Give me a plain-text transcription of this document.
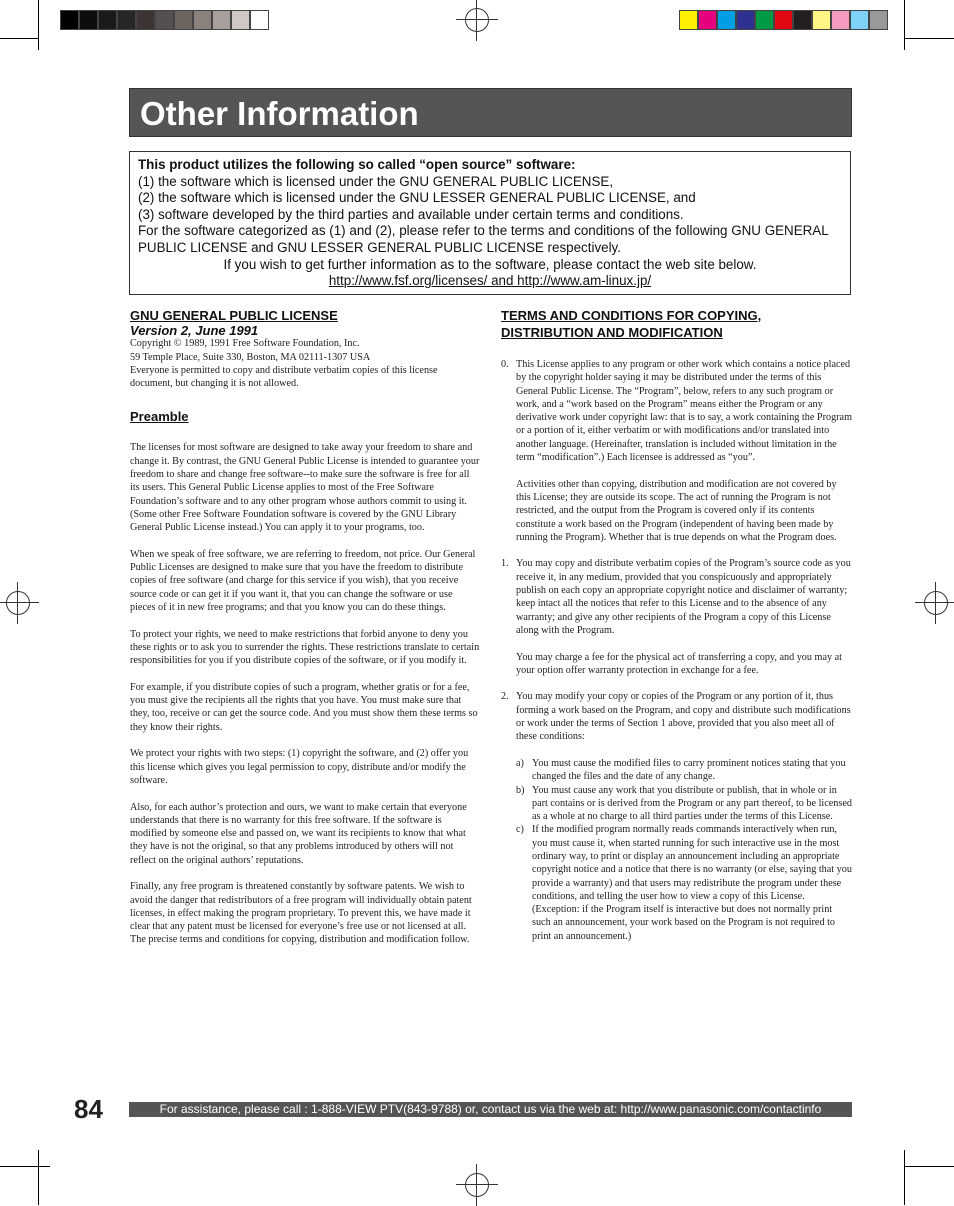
Other Information

This product utilizes the following so called “open source” software:

(1) the software which is licensed under the GNU GENERAL PUBLIC LICENSE,

(2) the software which is licensed under the GNU LESSER GENERAL PUBLIC LICENSE, and

(3) software developed by the third parties and available under certain terms and conditions.

For the software categorized as (1) and (2), please refer to the terms and conditions of the following GNU GENERAL PUBLIC LICENSE and GNU LESSER GENERAL PUBLIC LICENSE respectively.

If you wish to get further information as to the software, please contact the web site below.

http://www.fsf.org/licenses/ and http://www.am-linux.jp/

GNU GENERAL PUBLIC LICENSE
Version 2, June 1991

Copyright © 1989, 1991 Free Software Foundation, Inc.

59 Temple Place, Suite 330, Boston, MA 02111-1307 USA

Everyone is permitted to copy and distribute verbatim copies of this license document, but changing it is not allowed.

Preamble

The licenses for most software are designed to take away your freedom to share and change it. By contrast, the GNU General Public License is intended to guarantee your freedom to share and change free software--to make sure the software is free for all its users. This General Public License applies to most of the Free Software Foundation’s software and to any other program whose authors commit to using it. (Some other Free Software Foundation software is covered by the GNU Library General Public License instead.) You can apply it to your programs, too.

When we speak of free software, we are referring to freedom, not price. Our General Public Licenses are designed to make sure that you have the freedom to distribute copies of free software (and charge for this service if you wish), that you receive source code or can get it if you want it, that you can change the software or use pieces of it in new free programs; and that you know you can do these things.

To protect your rights, we need to make restrictions that forbid anyone to deny you these rights or to ask you to surrender the rights. These restrictions translate to certain responsibilities for you if you distribute copies of the software, or if you modify it.

For example, if you distribute copies of such a program, whether gratis or for a fee, you must give the recipients all the rights that you have. You must make sure that they, too, receive or can get the source code. And you must show them these terms so they know their rights.

We protect your rights with two steps: (1) copyright the software, and (2) offer you this license which gives you legal permission to copy, distribute and/or modify the software.

Also, for each author’s protection and ours, we want to make certain that everyone understands that there is no warranty for this free software. If the software is modified by someone else and passed on, we want its recipients to know that what they have is not the original, so that any problems introduced by others will not reflect on the original authors’ reputations.

Finally, any free program is threatened constantly by software patents. We wish to avoid the danger that redistributors of a free program will individually obtain patent licenses, in effect making the program proprietary. To prevent this, we have made it clear that any patent must be licensed for everyone’s free use or not licensed at all.

The precise terms and conditions for copying, distribution and modification follow.

TERMS AND CONDITIONS FOR COPYING,
DISTRIBUTION AND MODIFICATION
0. This License applies to any program or other work which contains a notice placed by the copyright holder saying it may be distributed under the terms of this General Public License. The “Program”, below, refers to any such program or work, and a “work based on the Program” means either the Program or any derivative work under copyright law: that is to say, a work containing the Program or a portion of it, either verbatim or with modifications and/or translated into another language. (Hereinafter, translation is included without limitation in the term “modification”.) Each licensee is addressed as “you”.

Activities other than copying, distribution and modification are not covered by this License; they are outside its scope. The act of running the Program is not restricted, and the output from the Program is covered only if its contents constitute a work based on the Program (independent of having been made by running the Program). Whether that is true depends on what the Program does.

1. You may copy and distribute verbatim copies of the Program’s source code as you receive it, in any medium, provided that you conspicuously and appropriately publish on each copy an appropriate copyright notice and disclaimer of warranty; keep intact all the notices that refer to this License and to the absence of any warranty; and give any other recipients of the Program a copy of this License along with the Program.

You may charge a fee for the physical act of transferring a copy, and you may at your option offer warranty protection in exchange for a fee.

2. You may modify your copy or copies of the Program or any portion of it, thus forming a work based on the Program, and copy and distribute such modifications or work under the terms of Section 1 above, provided that you also meet all of these conditions:

a) You must cause the modified files to carry prominent notices stating that you changed the files and the date of any change.

b) You must cause any work that you distribute or publish, that in whole or in part contains or is derived from the Program or any part thereof, to be licensed as a whole at no charge to all third parties under the terms of this License.

c) If the modified program normally reads commands interactively when run, you must cause it, when started running for such interactive use in the most ordinary way, to print or display an announcement including an appropriate copyright notice and a notice that there is no warranty (or else, saying that you provide a warranty) and that users may redistribute the program under these conditions, and telling the user how to view a copy of this License. (Exception: if the Program itself is interactive but does not normally print such an announcement, your work based on the Program is not required to print an announcement.)

84	For assistance, please call : 1-888-VIEW PTV(843-9788) or, contact us via the web at: http://www.panasonic.com/contactinfo
